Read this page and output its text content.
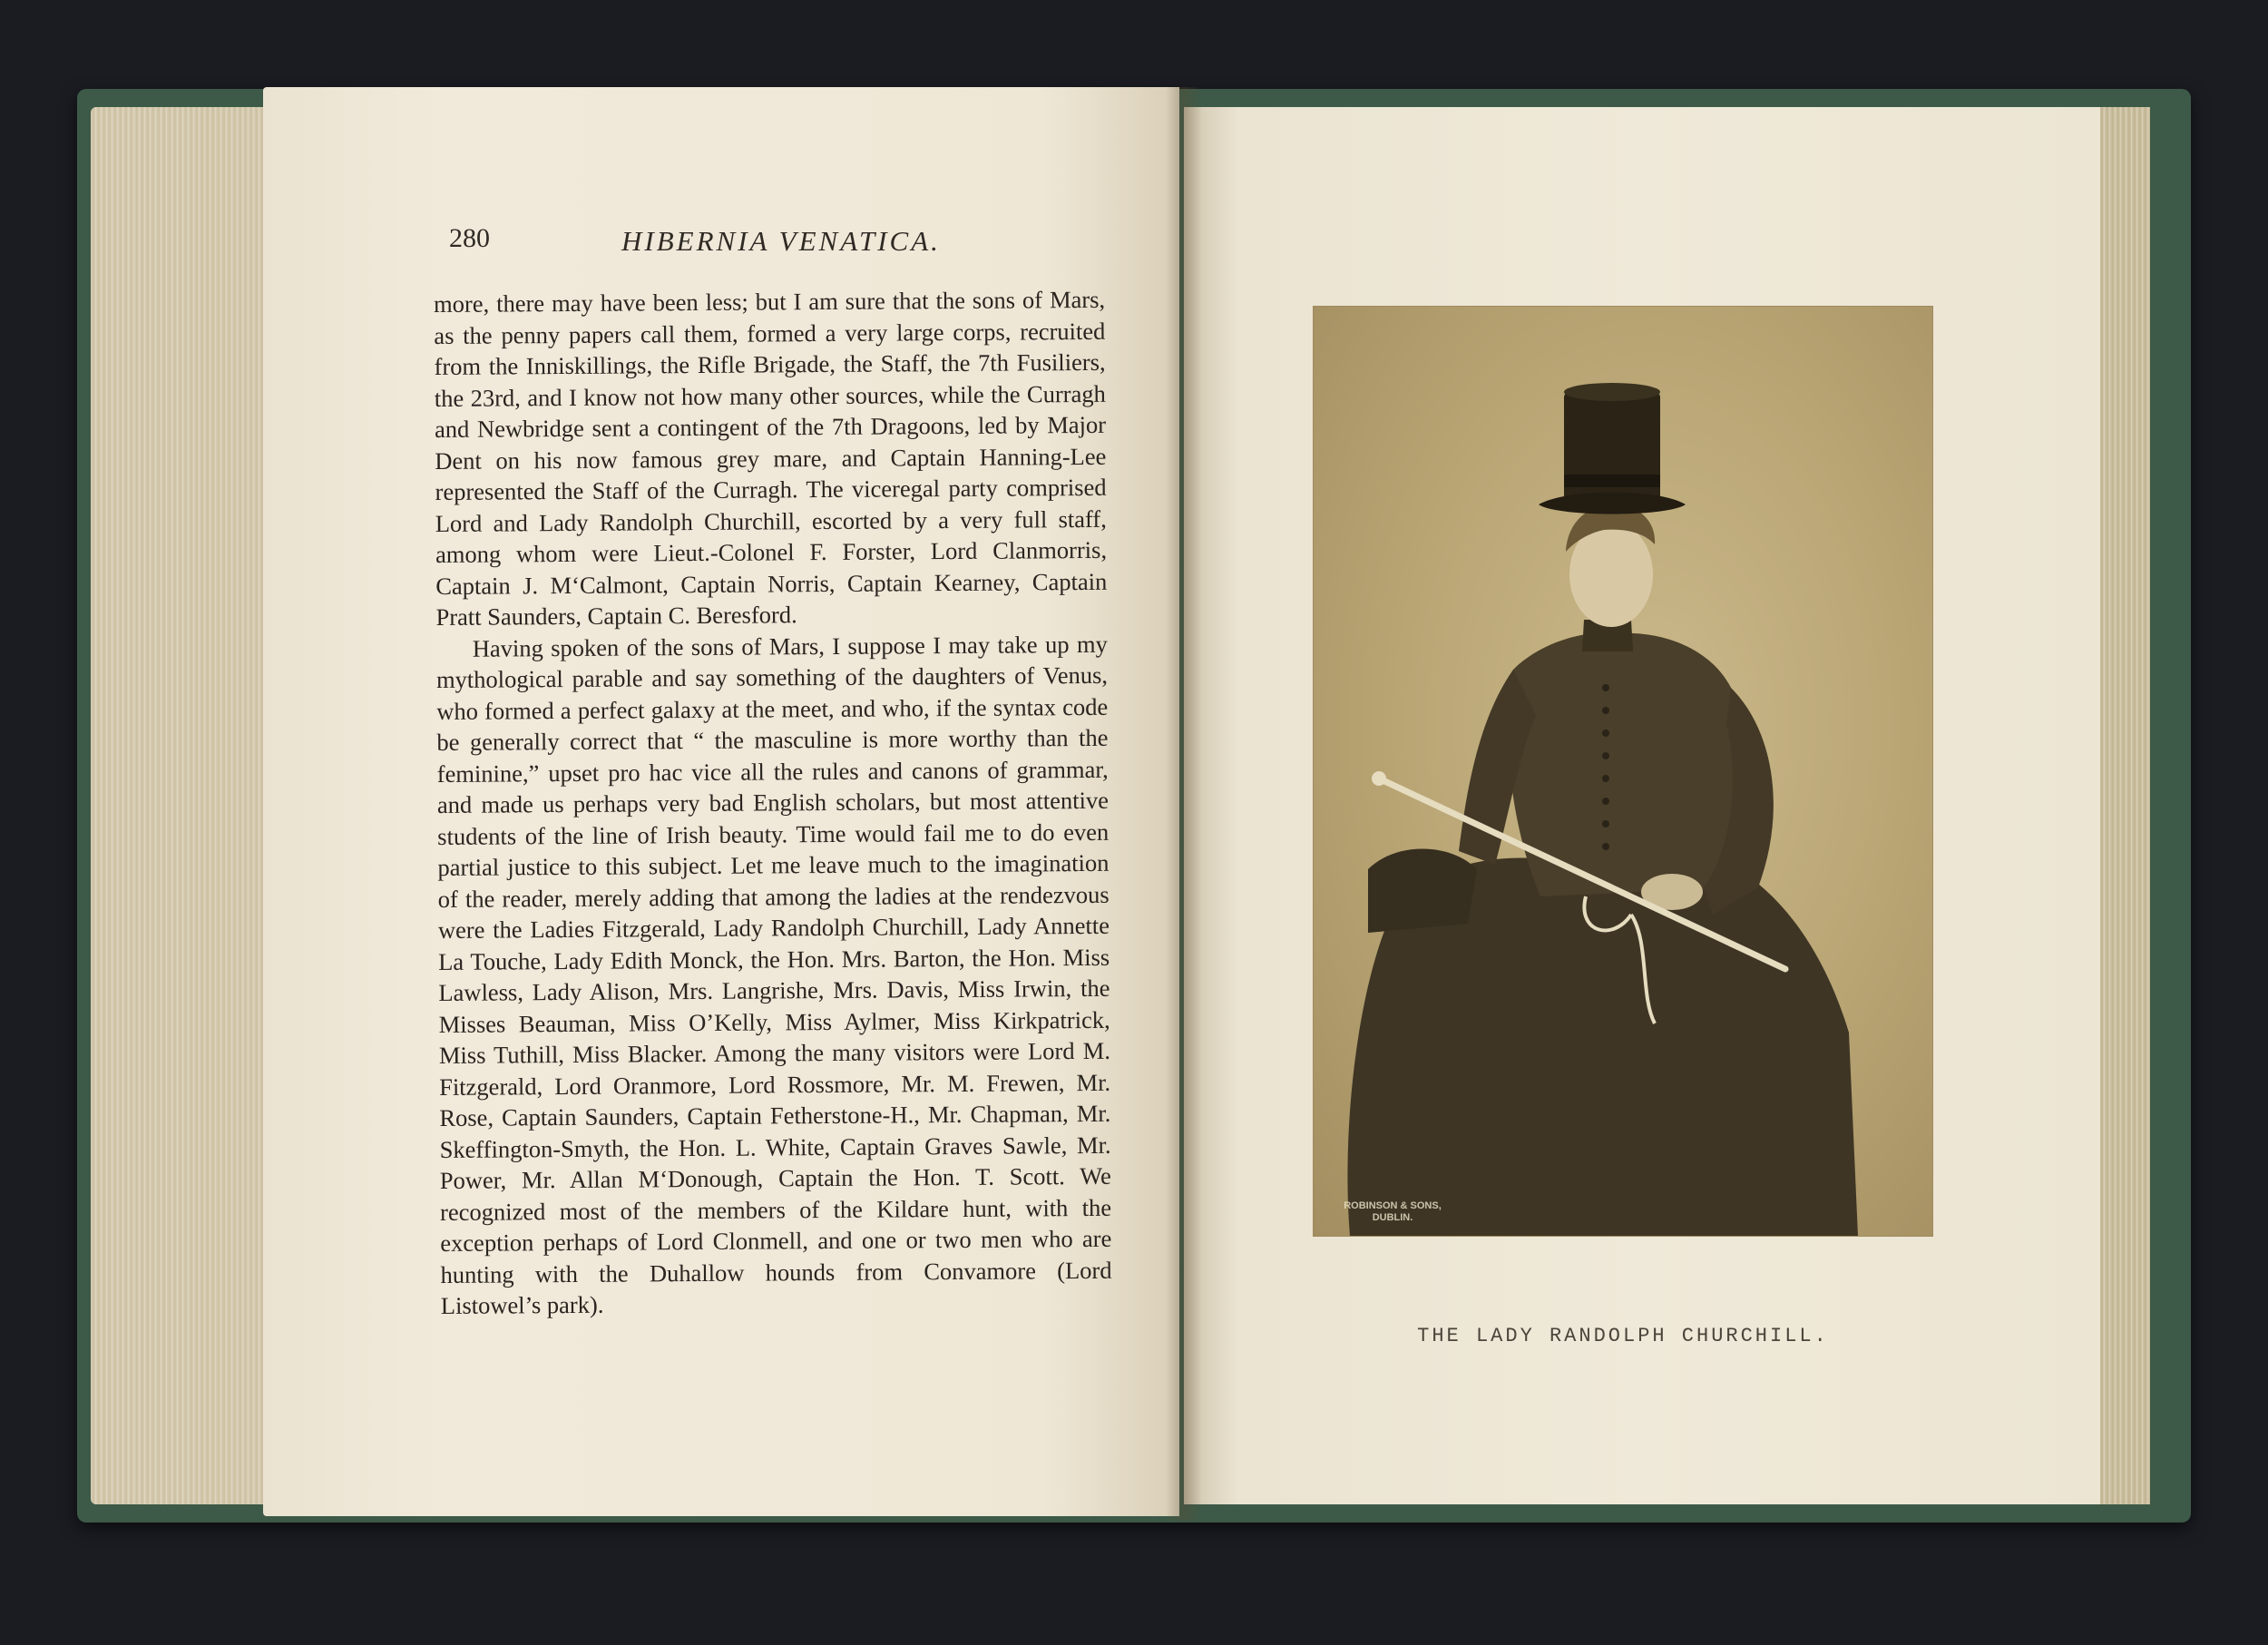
280	HIBERNIA VENATICA.

more, there may have been less; but I am sure that the sons of Mars, as the penny papers call them, formed a very large corps, recruited from the Inniskillings, the Rifle Brigade, the Staff, the 7th Fusiliers, the 23rd, and I know not how many other sources, while the Curragh and Newbridge sent a contingent of the 7th Dragoons, led by Major Dent on his now famous grey mare, and Captain Hanning-Lee represented the Staff of the Curragh. The viceregal party comprised Lord and Lady Randolph Churchill, escorted by a very full staff, among whom were Lieut.-Colonel F. Forster, Lord Clanmorris, Captain J. M‘Calmont, Captain Norris, Captain Kearney, Captain Pratt Saunders, Captain C. Beresford.

Having spoken of the sons of Mars, I suppose I may take up my mythological parable and say something of the daughters of Venus, who formed a perfect galaxy at the meet, and who, if the syntax code be generally correct that “ the masculine is more worthy than the feminine,” upset pro hac vice all the rules and canons of grammar, and made us perhaps very bad English scholars, but most attentive students of the line of Irish beauty. Time would fail me to do even partial justice to this subject. Let me leave much to the imagination of the reader, merely adding that among the ladies at the rendezvous were the Ladies Fitzgerald, Lady Randolph Churchill, Lady Annette La Touche, Lady Edith Monck, the Hon. Mrs. Barton, the Hon. Miss Lawless, Lady Alison, Mrs. Langrishe, Mrs. Davis, Miss Irwin, the Misses Beauman, Miss O’Kelly, Miss Aylmer, Miss Kirkpatrick, Miss Tuthill, Miss Blacker. Among the many visitors were Lord M. Fitzgerald, Lord Oranmore, Lord Rossmore, Mr. M. Frewen, Mr. Rose, Captain Saunders, Captain Fetherstone-H., Mr. Chapman, Mr. Skeffington-Smyth, the Hon. L. White, Captain Graves Sawle, Mr. Power, Mr. Allan M‘Donough, Captain the Hon. T. Scott. We recognized most of the members of the Kildare hunt, with the exception perhaps of Lord Clonmell, and one or two men who are hunting with the Duhallow hounds from Convamore (Lord Listowel’s park).

ROBINSON & SONS, DUBLIN.
THE LADY RANDOLPH CHURCHILL.
